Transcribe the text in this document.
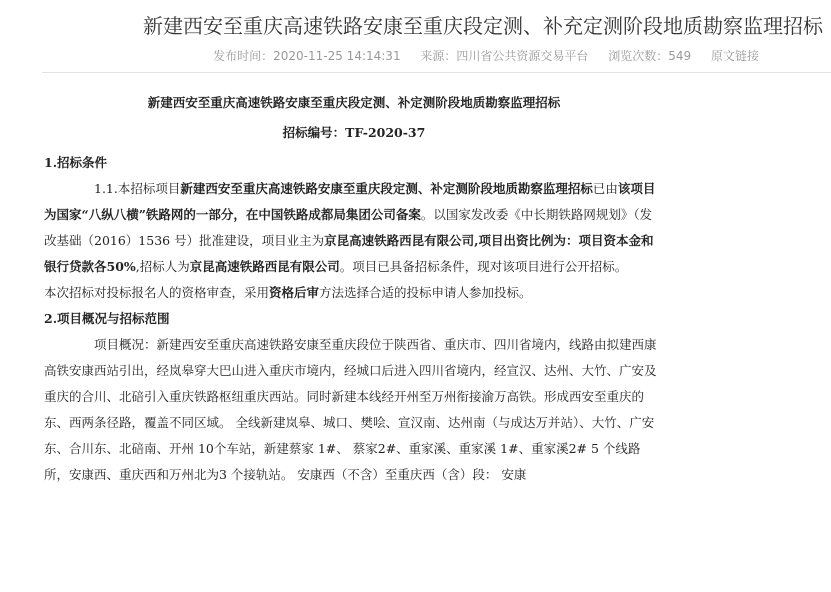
新建西安至重庆高速铁路安康至重庆段定测、补充定测阶段地质勘察监理招标
发布时间：2020-11-25 14:14:31 来源：四川省公共资源交易平台 浏览次数：549 原文链接
新建西安至重庆高速铁路安康至重庆段定测、补定测阶段地质勘察监理招标
招标编号：TF-2020-37
1.招标条件
1.1.本招标项目新建西安至重庆高速铁路安康至重庆段定测、补定测阶段地质勘察监理招标已由该项目为国家“八纵八横”铁路网的一部分，在中国铁路成都局集团公司备案。以国家发改委《中长期铁路网规划》（发改基础（2016）1536 号）批准建设，项目业主为京昆高速铁路西昆有限公司,项目出资比例为：项目资本金和银行贷款各50%,招标人为京昆高速铁路西昆有限公司。项目已具备招标条件，现对该项目进行公开招标。
本次招标对投标报名人的资格审查，采用资格后审方法选择合适的投标申请人参加投标。
2.项目概况与招标范围
项目概况：新建西安至重庆高速铁路安康至重庆段位于陕西省、重庆市、四川省境内，线路由拟建西康高铁安康西站引出，经岚皋穿大巴山进入重庆市境内，经城口后进入四川省境内，经宣汉、达州、大竹、广安及重庆的合川、北碚引入重庆铁路枢纽重庆西站。同时新建本线经开州至万州衔接渝万高铁。形成西安至重庆的东、西两条径路，覆盖不同区域。 全线新建岚皋、城口、樊哙、宣汉南、达州南（与成达万并站）、大竹、广安东、合川东、北碚南、开州 10个车站，新建蔡家 1#、 蔡家2#、重家溪、重家溪 1#、重家溪2# 5 个线路所，安康西、重庆西和万州北为3 个接轨站。 安康西（不含）至重庆西（含）段： 安康
